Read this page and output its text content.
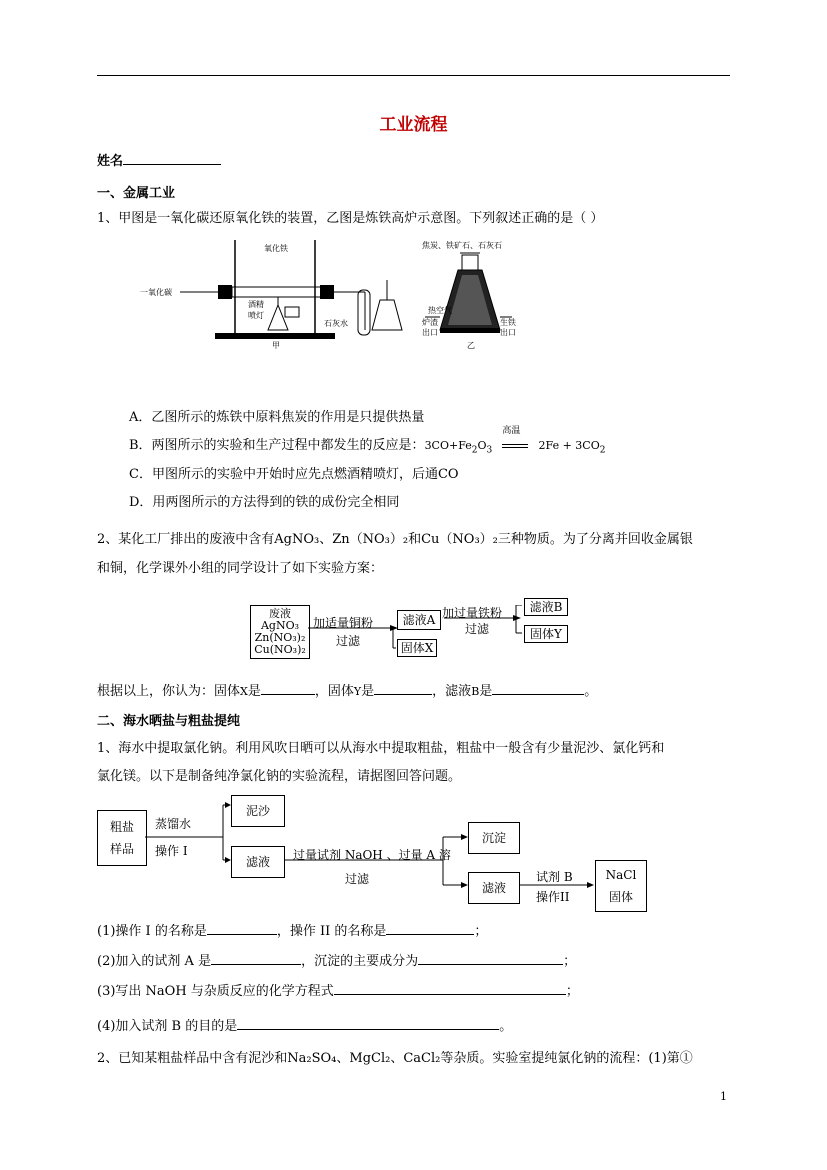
工业流程
姓名
一、金属工业
1、甲图是一氧化碳还原氧化铁的装置，乙图是炼铁高炉示意图。下列叙述正确的是（ ）
一氧化碳
氧化铁
酒精
喷灯
石灰水
甲
焦炭、铁矿石、石灰石
热空气
炉渣
出口
生铁
出口
乙
A．乙图所示的炼铁中原料焦炭的作用是只提供热量
B．两图所示的实验和生产过程中都发生的反应是：$3CO+Fe_2O_3$
高温
$2Fe + 3CO_2$
C．甲图所示的实验中开始时应先点燃酒精喷灯，后通CO
D．用两图所示的方法得到的铁的成份完全相同
2、某化工厂排出的废液中含有AgNO₃、Zn（NO₃）₂和Cu（NO₃）₂三种物质。为了分离并回收金属银
和铜，化学课外小组的同学设计了如下实验方案：
废液
AgNO₃
Zn(NO₃)₂
Cu(NO₃)₂
加适量铜粉
过滤
滤液A
固体X
加过量铁粉
过滤
滤液B
固体Y
根据以上，你认为：固体X是	，固体Y是	，滤液B是	。
二、海水晒盐与粗盐提纯
1、海水中提取氯化钠。利用风吹日晒可以从海水中提取粗盐，粗盐中一般含有少量泥沙、氯化钙和
氯化镁。以下是制备纯净氯化钠的实验流程，请据图回答问题。
粗盐
样品
蒸馏水
操作 I
泥沙
滤液	过量试剂 NaOH 、过量 A 溶
过滤
沉淀
滤液
试剂 B
操作II
NaCl
固体
(1)操作 I 的名称是	，操作 II 的名称是	；
(2)加入的试剂 A 是	，沉淀的主要成分为	；
(3)写出 NaOH 与杂质反应的化学方程式	；
(4)加入试剂 B 的目的是	。
2、已知某粗盐样品中含有泥沙和Na₂SO₄、MgCl₂、CaCl₂等杂质。实验室提纯氯化钠的流程：(1)第①
1
